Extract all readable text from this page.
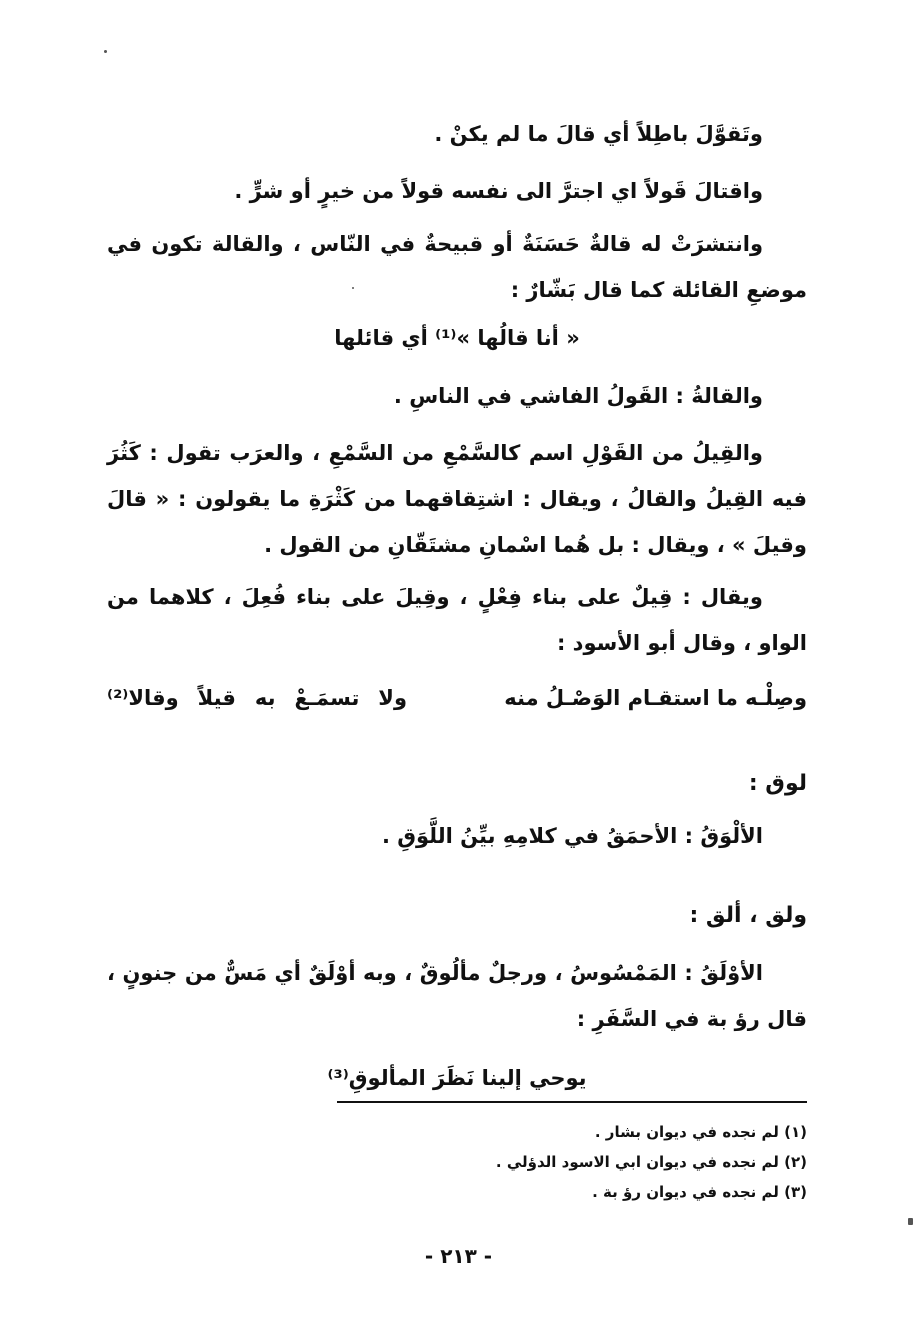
وتَقوَّلَ باطِلاً أي قالَ ما لم يكنْ .
واقتالَ قَولاً اي اجترَّ الى نفسه قولاً من خيرٍ أو شرٍّ .
وانتشرَتْ له قالةٌ حَسَنَةٌ أو قبيحةٌ في النّاس ، والقالة تكون في موضعِ القائلة كما قال بَشّارٌ :
« أنا قالُها »⁽¹⁾ أي قائلها
والقالةُ : القَولُ الفاشي في الناسِ .
والقِيلُ من القَوْلِ اسم كالسَّمْعِ من السَّمْعِ ، والعرَب تقول : كَثُرَ فيه القِيلُ والقالُ ، ويقال : اشتِقاقهما من كَثْرَةِ ما يقولون : « قالَ وقيلَ » ، ويقال : بل هُما اسْمانِ مشتَقّانِ من القول .
ويقال : قِيلٌ على بناء فِعْلٍ ، وقِيلَ على بناء فُعِلَ ، كلاهما من الواو ، وقال أبو الأسود :
وصِلْـه ما استقـام الوَصْـلُ منه
ولا تسمَـعْ به قيلاً وقالا⁽²⁾
لوق :
الألْوَقُ : الأحمَقُ في كلامِهِ بيِّنُ اللَّوَقِ .
ولق ، ألق :
الأوْلَقُ : المَمْسُوسُ ، ورجلٌ مألُوقٌ ، وبه أوْلَقٌ أي مَسٌّ من جنونٍ ، قال رؤ بة في السَّفَرِ :
يوحي إلينا نَظَرَ المألوقِ⁽³⁾
(١) لم نجده في ديوان بشار .
(٢) لم نجده في ديوان ابي الاسود الدؤلي .
(٣) لم نجده في ديوان رؤ بة .
- ٢١٣ -
